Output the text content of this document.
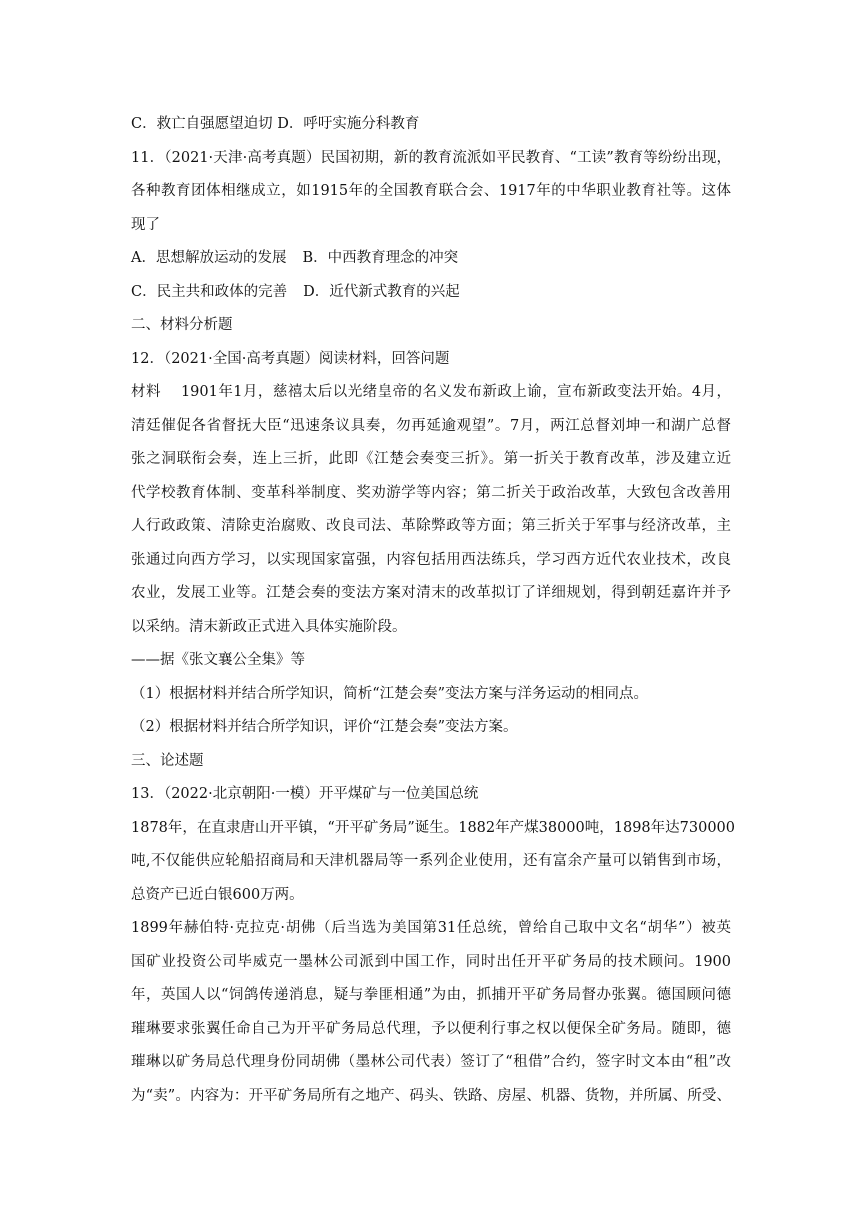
C．救亡自强愿望迫切 D．呼吁实施分科教育
11．（2021·天津·高考真题）民国初期，新的教育流派如平民教育、“工读”教育等纷纷出现，
各种教育团体相继成立，如1915年的全国教育联合会、1917年的中华职业教育社等。这体
现了
A．思想解放运动的发展 B．中西教育理念的冲突
C．民主共和政体的完善 D．近代新式教育的兴起
二、材料分析题
12．（2021·全国·高考真题）阅读材料，回答问题
材料　 1901年1月，慈禧太后以光绪皇帝的名义发布新政上谕，宣布新政变法开始。4月，
清廷催促各省督抚大臣“迅速条议具奏，勿再延逾观望”。7月，两江总督刘坤一和湖广总督
张之洞联衔会奏，连上三折，此即《江楚会奏变三折》。第一折关于教育改革，涉及建立近
代学校教育体制、变革科举制度、奖劝游学等内容；第二折关于政治改革，大致包含改善用
人行政政策、清除吏治腐败、改良司法、革除弊政等方面；第三折关于军事与经济改革，主
张通过向西方学习，以实现国家富强，内容包括用西法练兵，学习西方近代农业技术，改良
农业，发展工业等。江楚会奏的变法方案对清末的改革拟订了详细规划，得到朝廷嘉许并予
以采纳。清末新政正式进入具体实施阶段。
——据《张文襄公全集》等
（1）根据材料并结合所学知识，简析“江楚会奏”变法方案与洋务运动的相同点。
（2）根据材料并结合所学知识，评价“江楚会奏”变法方案。
三、论述题
13．（2022·北京朝阳·一模）开平煤矿与一位美国总统
1878年，在直隶唐山开平镇，“开平矿务局”诞生。1882年产煤38000吨，1898年达730000
吨,不仅能供应轮船招商局和天津机器局等一系列企业使用，还有富余产量可以销售到市场，
总资产已近白银600万两。
1899年赫伯特·克拉克·胡佛（后当选为美国第31任总统，曾给自己取中文名“胡华”）被英
国矿业投资公司毕威克一墨林公司派到中国工作，同时出任开平矿务局的技术顾问。1900
年，英国人以“饲鸽传递消息，疑与拳匪相通”为由，抓捕开平矿务局督办张翼。德国顾问德
璀琳要求张翼任命自己为开平矿务局总代理，予以便利行事之权以便保全矿务局。随即，德
璀琳以矿务局总代理身份同胡佛（墨林公司代表）签订了“租借”合约，签字时文本由“租”改
为“卖”。内容为：开平矿务局所有之地产、码头、铁路、房屋、机器、货物，并所属、所受、
